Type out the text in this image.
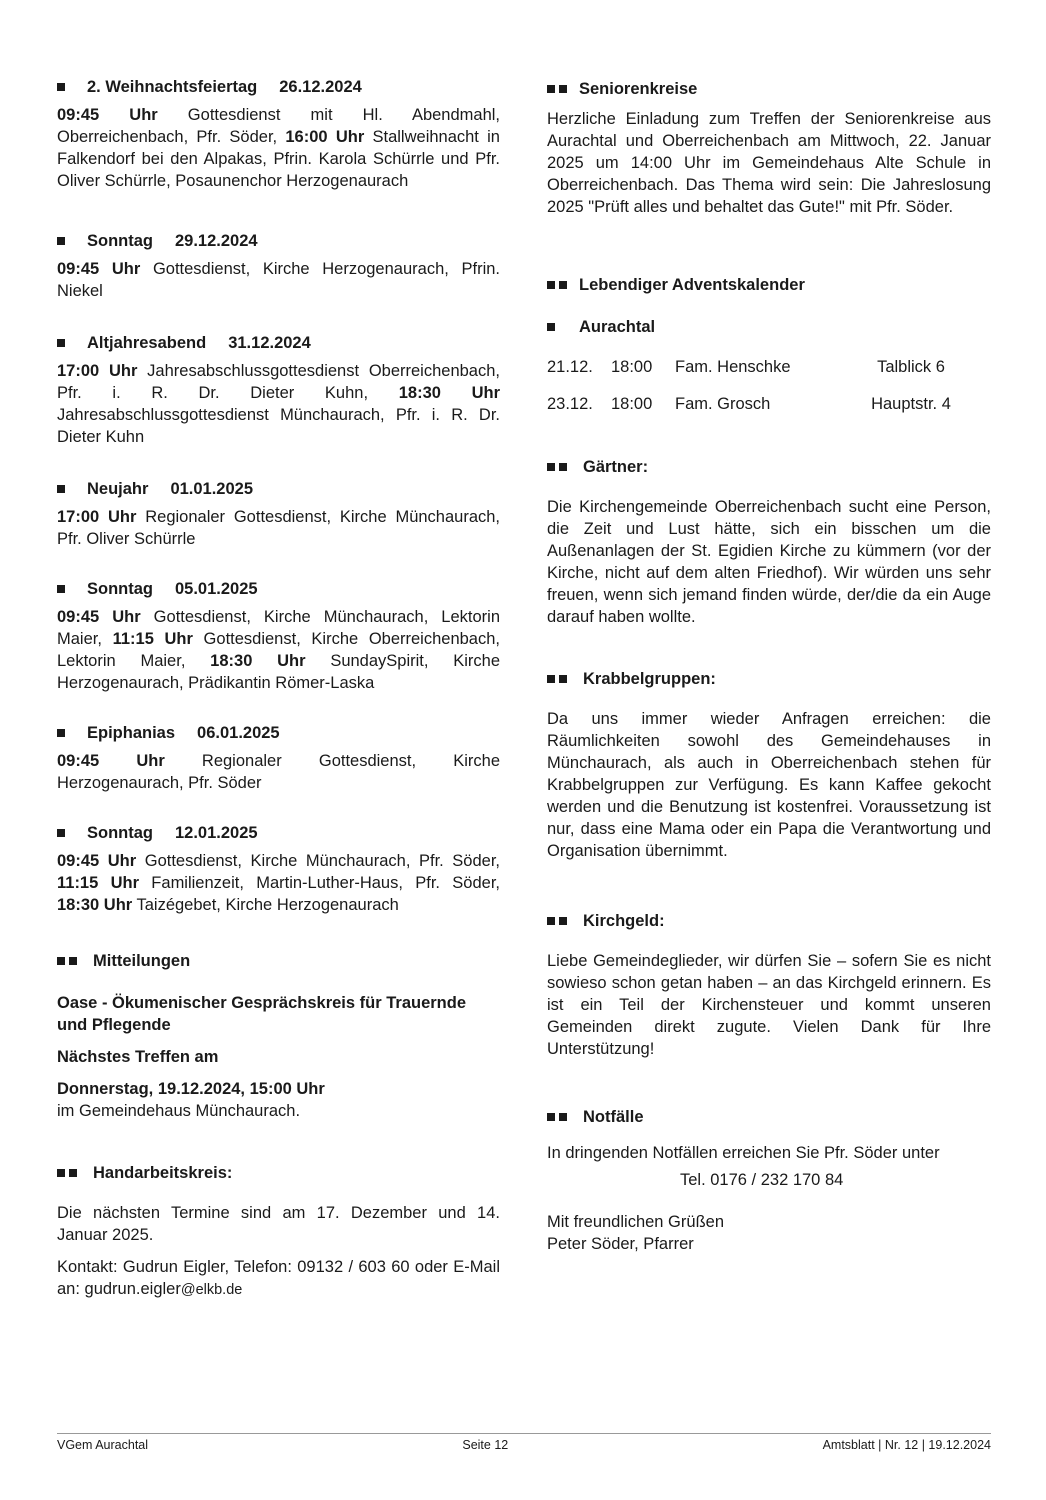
2. Weihnachtsfeiertag 26.12.2024

09:45 Uhr Gottesdienst mit Hl. Abendmahl, Oberreichenbach, Pfr. Söder, 16:00 Uhr Stallweihnacht in Falkendorf bei den Alpakas, Pfrin. Karola Schürrle und Pfr. Oliver Schürrle, Posaunenchor Herzogenaurach

Sonntag 29.12.2024

09:45 Uhr Gottesdienst, Kirche Herzogenaurach, Pfrin. Niekel

Altjahresabend 31.12.2024

17:00 Uhr Jahresabschlussgottesdienst Oberreichenbach, Pfr. i. R. Dr. Dieter Kuhn, 18:30 Uhr Jahresabschlussgottesdienst Münchaurach, Pfr. i. R. Dr. Dieter Kuhn

Neujahr 01.01.2025

17:00 Uhr Regionaler Gottesdienst, Kirche Münchaurach, Pfr. Oliver Schürrle

Sonntag 05.01.2025

09:45 Uhr Gottesdienst, Kirche Münchaurach, Lektorin Maier, 11:15 Uhr Gottesdienst, Kirche Oberreichenbach, Lektorin Maier, 18:30 Uhr SundaySpirit, Kirche Herzogenaurach, Prädikantin Römer-Laska

Epiphanias 06.01.2025

09:45 Uhr Regionaler Gottesdienst, Kirche Herzogenaurach, Pfr. Söder

Sonntag 12.01.2025

09:45 Uhr Gottesdienst, Kirche Münchaurach, Pfr. Söder, 11:15 Uhr Familienzeit, Martin-Luther-Haus, Pfr. Söder, 18:30 Uhr Taizégebet, Kirche Herzogenaurach

Mitteilungen

Oase - Ökumenischer Gesprächskreis für Trauernde und Pflegende

Nächstes Treffen am

Donnerstag, 19.12.2024, 15:00 Uhr
im Gemeindehaus Münchaurach.

Handarbeitskreis:

Die nächsten Termine sind am 17. Dezember und 14. Januar 2025.

Kontakt: Gudrun Eigler, Telefon: 09132 / 603 60 oder E-Mail an: gudrun.eigler@elkb.de

Seniorenkreise

Herzliche Einladung zum Treffen der Seniorenkreise aus Aurachtal und Oberreichenbach am Mittwoch, 22. Januar 2025 um 14:00 Uhr im Gemeindehaus Alte Schule in Oberreichenbach. Das Thema wird sein: Die Jahreslosung 2025 "Prüft alles und behaltet das Gute!" mit Pfr. Söder.

Lebendiger Adventskalender
Aurachtal
21.12.	18:00	Fam. Henschke	Talblick 6
23.12.	18:00	Fam. Grosch	Hauptstr. 4
Gärtner:

Die Kirchengemeinde Oberreichenbach sucht eine Person, die Zeit und Lust hätte, sich ein bisschen um die Außenanlagen der St. Egidien Kirche zu kümmern (vor der Kirche, nicht auf dem alten Friedhof). Wir würden uns sehr freuen, wenn sich jemand finden würde, der/die da ein Auge darauf haben wollte.

Krabbelgruppen:

Da uns immer wieder Anfragen erreichen: die Räumlichkeiten sowohl des Gemeindehauses in Münchaurach, als auch in Oberreichenbach stehen für Krabbelgruppen zur Verfügung. Es kann Kaffee gekocht werden und die Benutzung ist kostenfrei. Voraussetzung ist nur, dass eine Mama oder ein Papa die Verantwortung und Organisation übernimmt.

Kirchgeld:

Liebe Gemeindeglieder, wir dürfen Sie – sofern Sie es nicht sowieso schon getan haben – an das Kirchgeld erinnern. Es ist ein Teil der Kirchensteuer und kommt unseren Gemeinden direkt zugute. Vielen Dank für Ihre Unterstützung!

Notfälle

In dringenden Notfällen erreichen Sie Pfr. Söder unter

Tel. 0176 / 232 170 84

Mit freundlichen Grüßen

Peter Söder, Pfarrer

VGem Aurachtal	Seite 12	Amtsblatt | Nr. 12 | 19.12.2024
